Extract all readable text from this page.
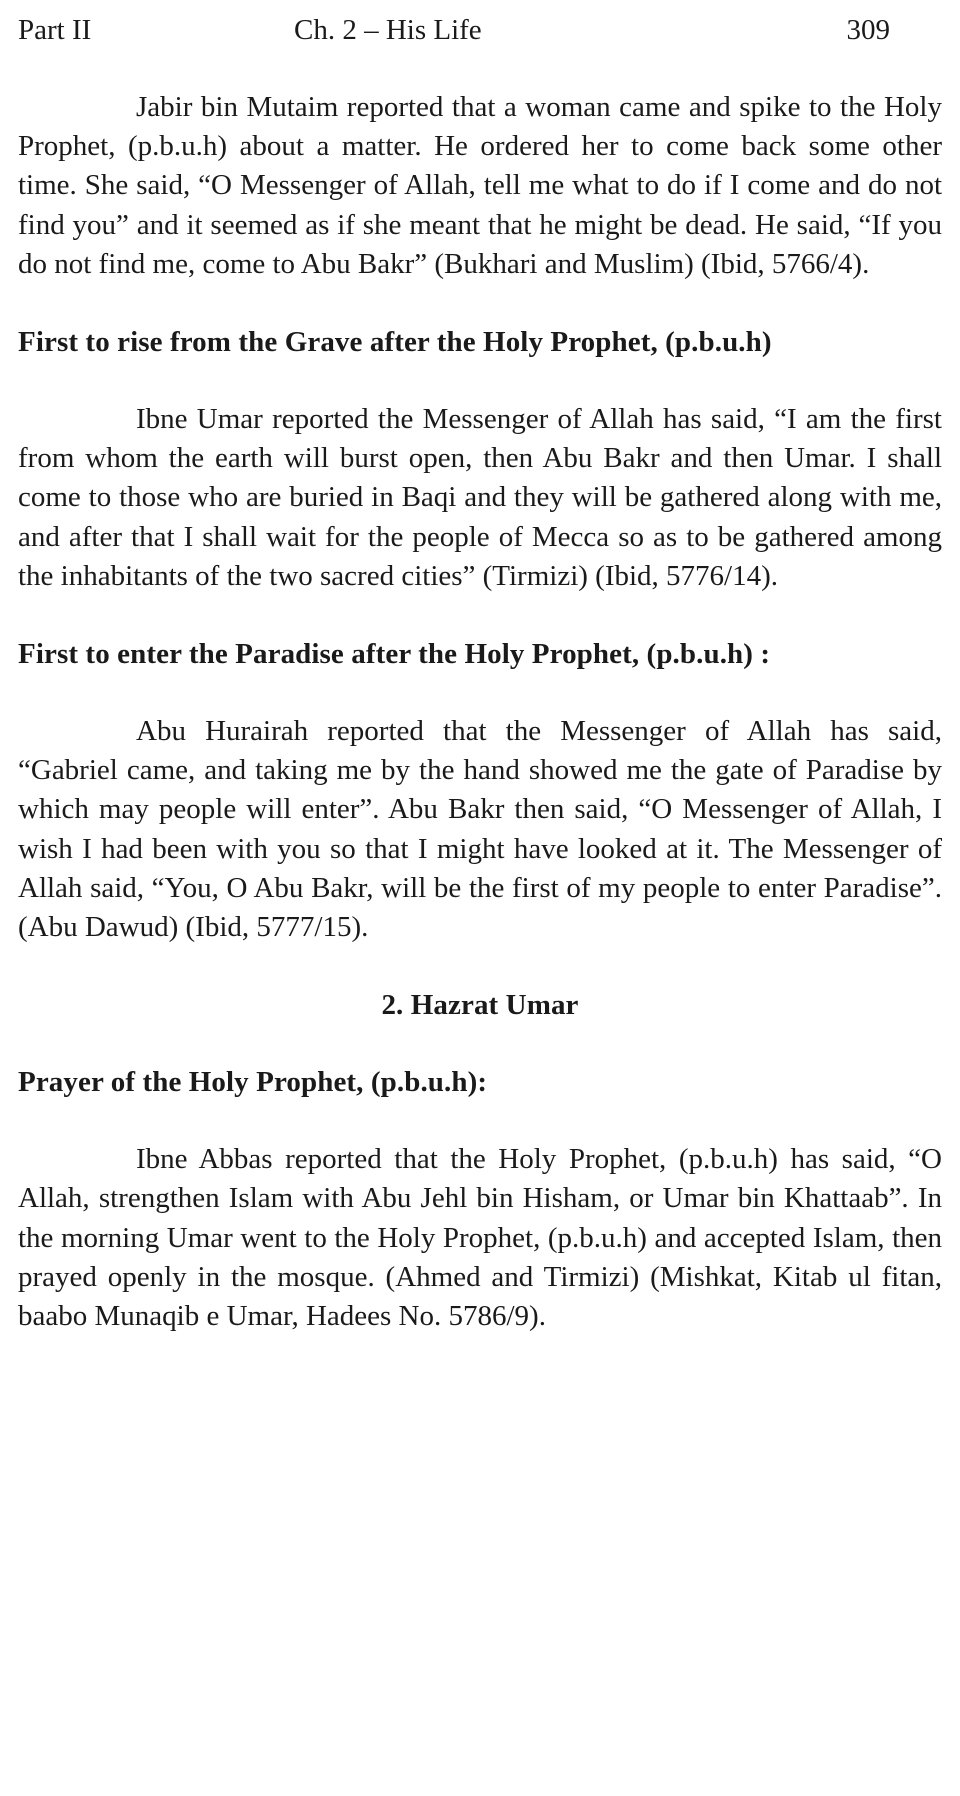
Part II	Ch. 2 – His Life	309

Jabir bin Mutaim reported that a woman came and spike to the Holy Prophet, (p.b.u.h) about a matter. He ordered her to come back some other time. She said, “O Messenger of Allah, tell me what to do if I come and do not find you” and it seemed as if she meant that he might be dead. He said, “If you do not find me, come to Abu Bakr” (Bukhari and Muslim) (Ibid, 5766/4).

First to rise from the Grave after the Holy Prophet, (p.b.u.h)

Ibne Umar reported the Messenger of Allah has said, “I am the first from whom the earth will burst open, then Abu Bakr and then Umar. I shall come to those who are buried in Baqi and they will be gathered along with me, and after that I shall wait for the people of Mecca so as to be gathered among the inhabitants of the two sacred cities” (Tirmizi) (Ibid, 5776/14).

First to enter the Paradise after the Holy Prophet, (p.b.u.h) :

Abu Hurairah reported that the Messenger of Allah has said, “Gabriel came, and taking me by the hand showed me the gate of Paradise by which may people will enter”. Abu Bakr then said, “O Messenger of Allah, I wish I had been with you so that I might have looked at it. The Messenger of Allah said, “You, O Abu Bakr, will be the first of my people to enter Paradise”. (Abu Dawud) (Ibid, 5777/15).

2. Hazrat Umar
Prayer of the Holy Prophet, (p.b.u.h):

Ibne Abbas reported that the Holy Prophet, (p.b.u.h) has said, “O Allah, strengthen Islam with Abu Jehl bin Hisham, or Umar bin Khattaab”. In the morning Umar went to the Holy Prophet, (p.b.u.h) and accepted Islam, then prayed openly in the mosque. (Ahmed and Tirmizi) (Mishkat, Kitab ul fitan, baabo Munaqib e Umar, Hadees No. 5786/9).
